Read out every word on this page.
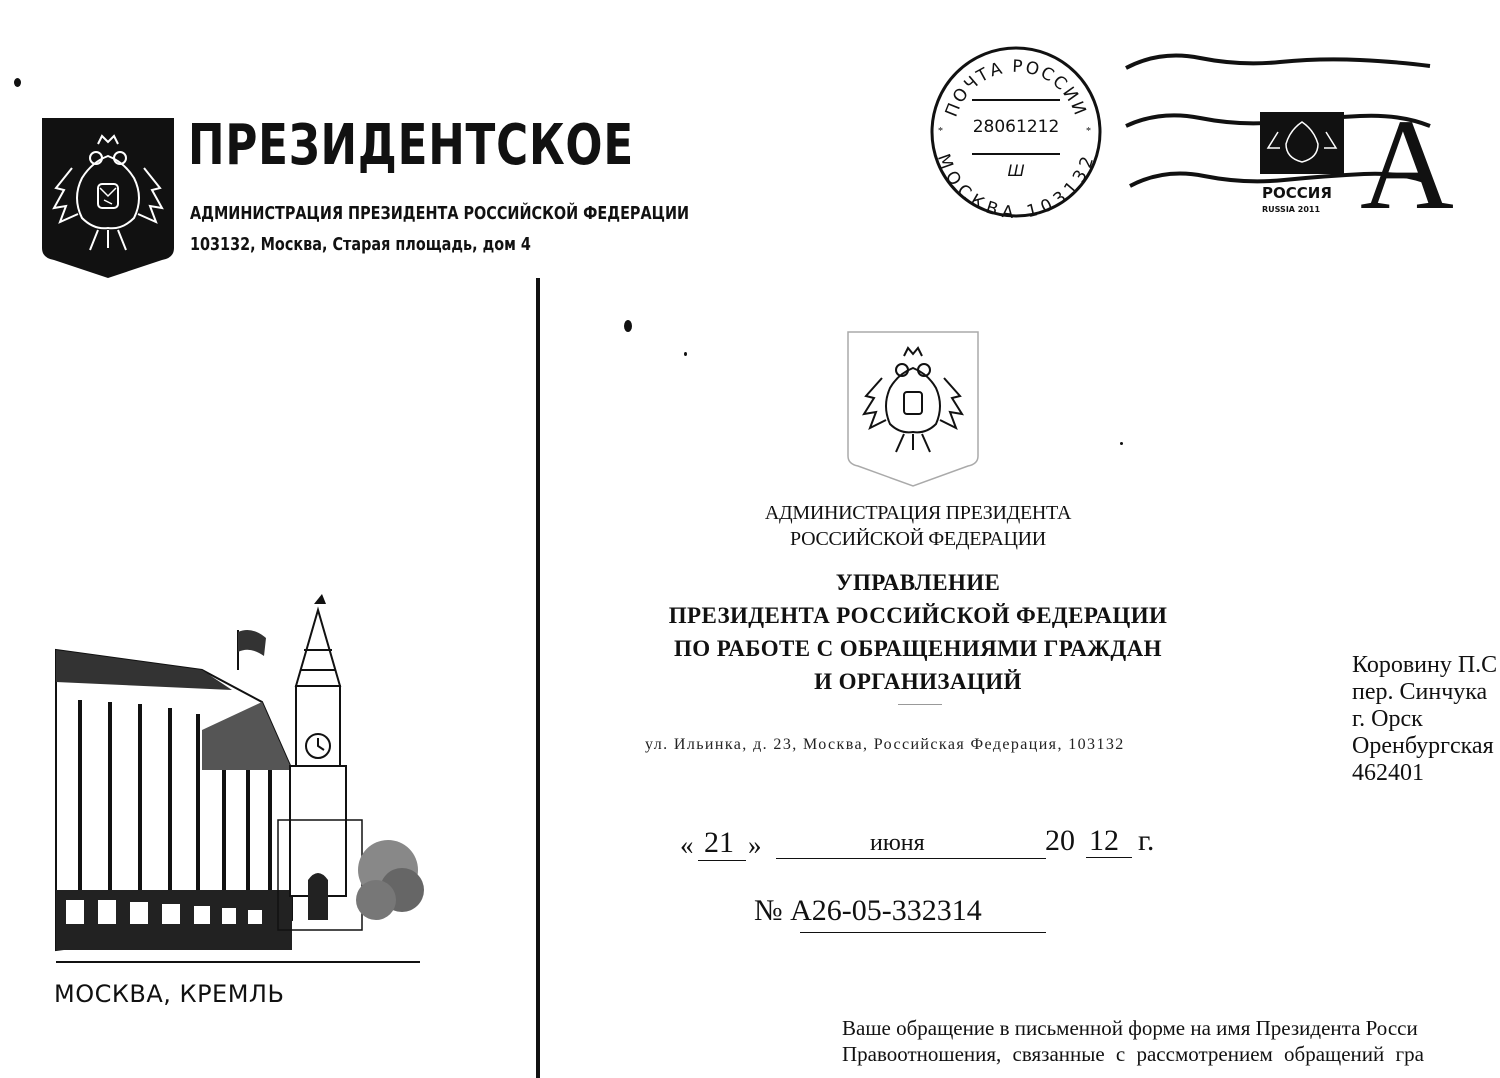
ПРЕЗИДЕНТСКОЕ
АДМИНИСТРАЦИЯ ПРЕЗИДЕНТА РОССИЙСКОЙ ФЕДЕРАЦИИ
103132, Москва, Старая площадь, дом 4
ПОЧТА РОССИИ
МОСКВА 103132
28061212
Ш
*	* А
РОССИЯ
RUSSIA 2011
МОСКВА, КРЕМЛЬ
АДМИНИСТРАЦИЯ ПРЕЗИДЕНТА
РОССИЙСКОЙ ФЕДЕРАЦИИ
УПРАВЛЕНИЕ
ПРЕЗИДЕНТА РОССИЙСКОЙ ФЕДЕРАЦИИ
ПО РАБОТЕ С ОБРАЩЕНИЯМИ ГРАЖДАН
И ОРГАНИЗАЦИЙ
ул. Ильинка, д. 23, Москва, Российская Федерация, 103132
« 21 »	июня	20 12 г.
№ А26-05-332314
Коровину П.С
пер. Синчука
г. Орск
Оренбургская
462401
Ваше обращение в письменной форме на имя Президента Росси
Правоотношения, связанные с рассмотрением обращений гра
